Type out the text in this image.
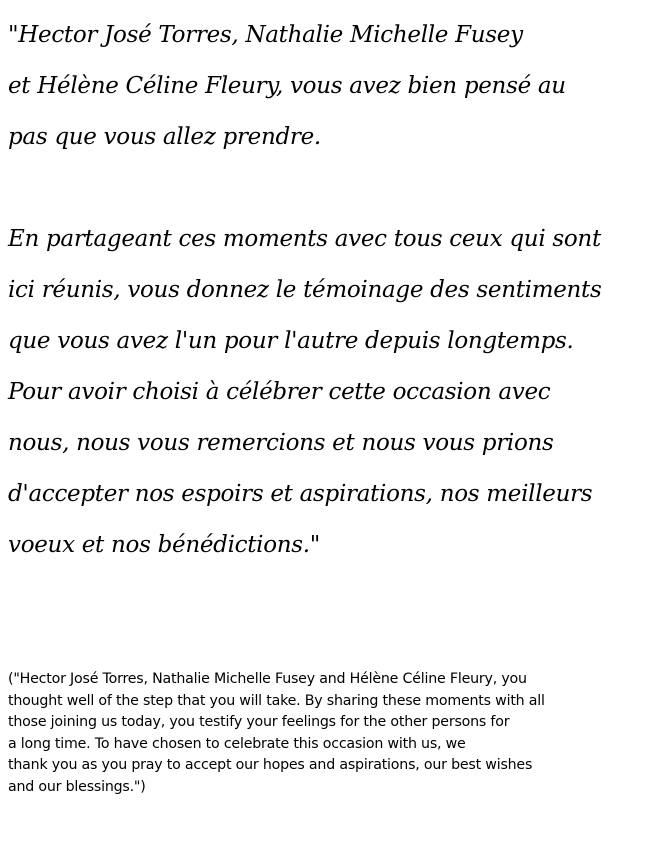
"Hector José Torres, Nathalie Michelle Fusey
et Hélène Céline Fleury, vous avez bien pensé au
pas que vous allez prendre.
En partageant ces moments avec tous ceux qui sont
ici réunis, vous donnez le témoinage des sentiments
que vous avez l'un pour l'autre depuis longtemps.
Pour avoir choisi à célébrer cette occasion avec
nous, nous vous remercions et nous vous prions
d'accepter nos espoirs et aspirations, nos meilleurs
voeux et nos bénédictions."
("Hector José Torres, Nathalie Michelle Fusey and Hélène Céline Fleury, you
thought well of the step that you will take. By sharing these moments with all
those joining us today, you testify your feelings for the other persons for
a long time. To have chosen to celebrate this occasion with us, we
thank you as you pray to accept our hopes and aspirations, our best wishes
and our blessings.")
